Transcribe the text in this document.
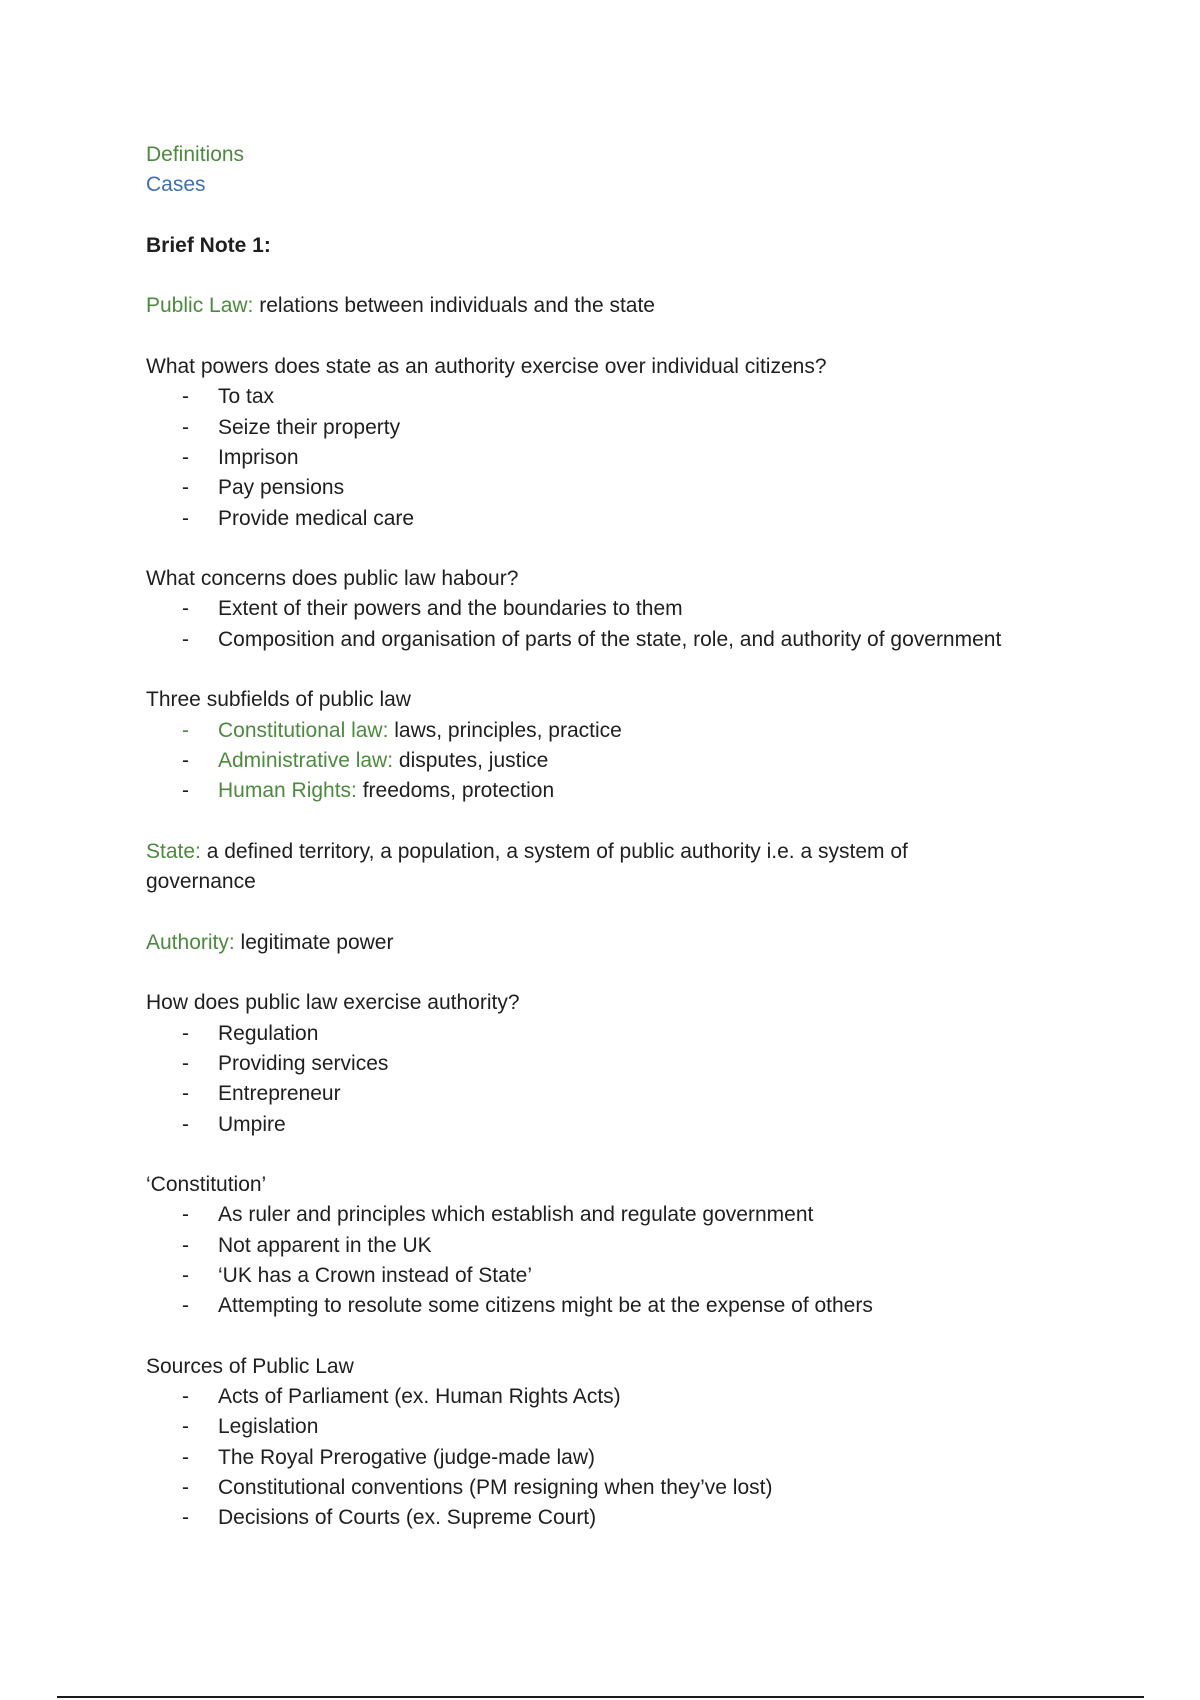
Definitions
Cases
Brief Note 1:
Public Law: relations between individuals and the state
What powers does state as an authority exercise over individual citizens?
-	To tax
-	Seize their property
-	Imprison
-	Pay pensions
-	Provide medical care
What concerns does public law habour?
-	Extent of their powers and the boundaries to them
-	Composition and organisation of parts of the state, role, and authority of government
Three subfields of public law
-	Constitutional law: laws, principles, practice
-	Administrative law: disputes, justice
-	Human Rights: freedoms, protection
State: a defined territory, a population, a system of public authority i.e. a system of governance
Authority: legitimate power
How does public law exercise authority?
-	Regulation
-	Providing services
-	Entrepreneur
-	Umpire
‘Constitution’
-	As ruler and principles which establish and regulate government
-	Not apparent in the UK
-	‘UK has a Crown instead of State’
-	Attempting to resolute some citizens might be at the expense of others
Sources of Public Law
-	Acts of Parliament (ex. Human Rights Acts)
-	Legislation
-	The Royal Prerogative (judge-made law)
-	Constitutional conventions (PM resigning when they’ve lost)
-	Decisions of Courts (ex. Supreme Court)
